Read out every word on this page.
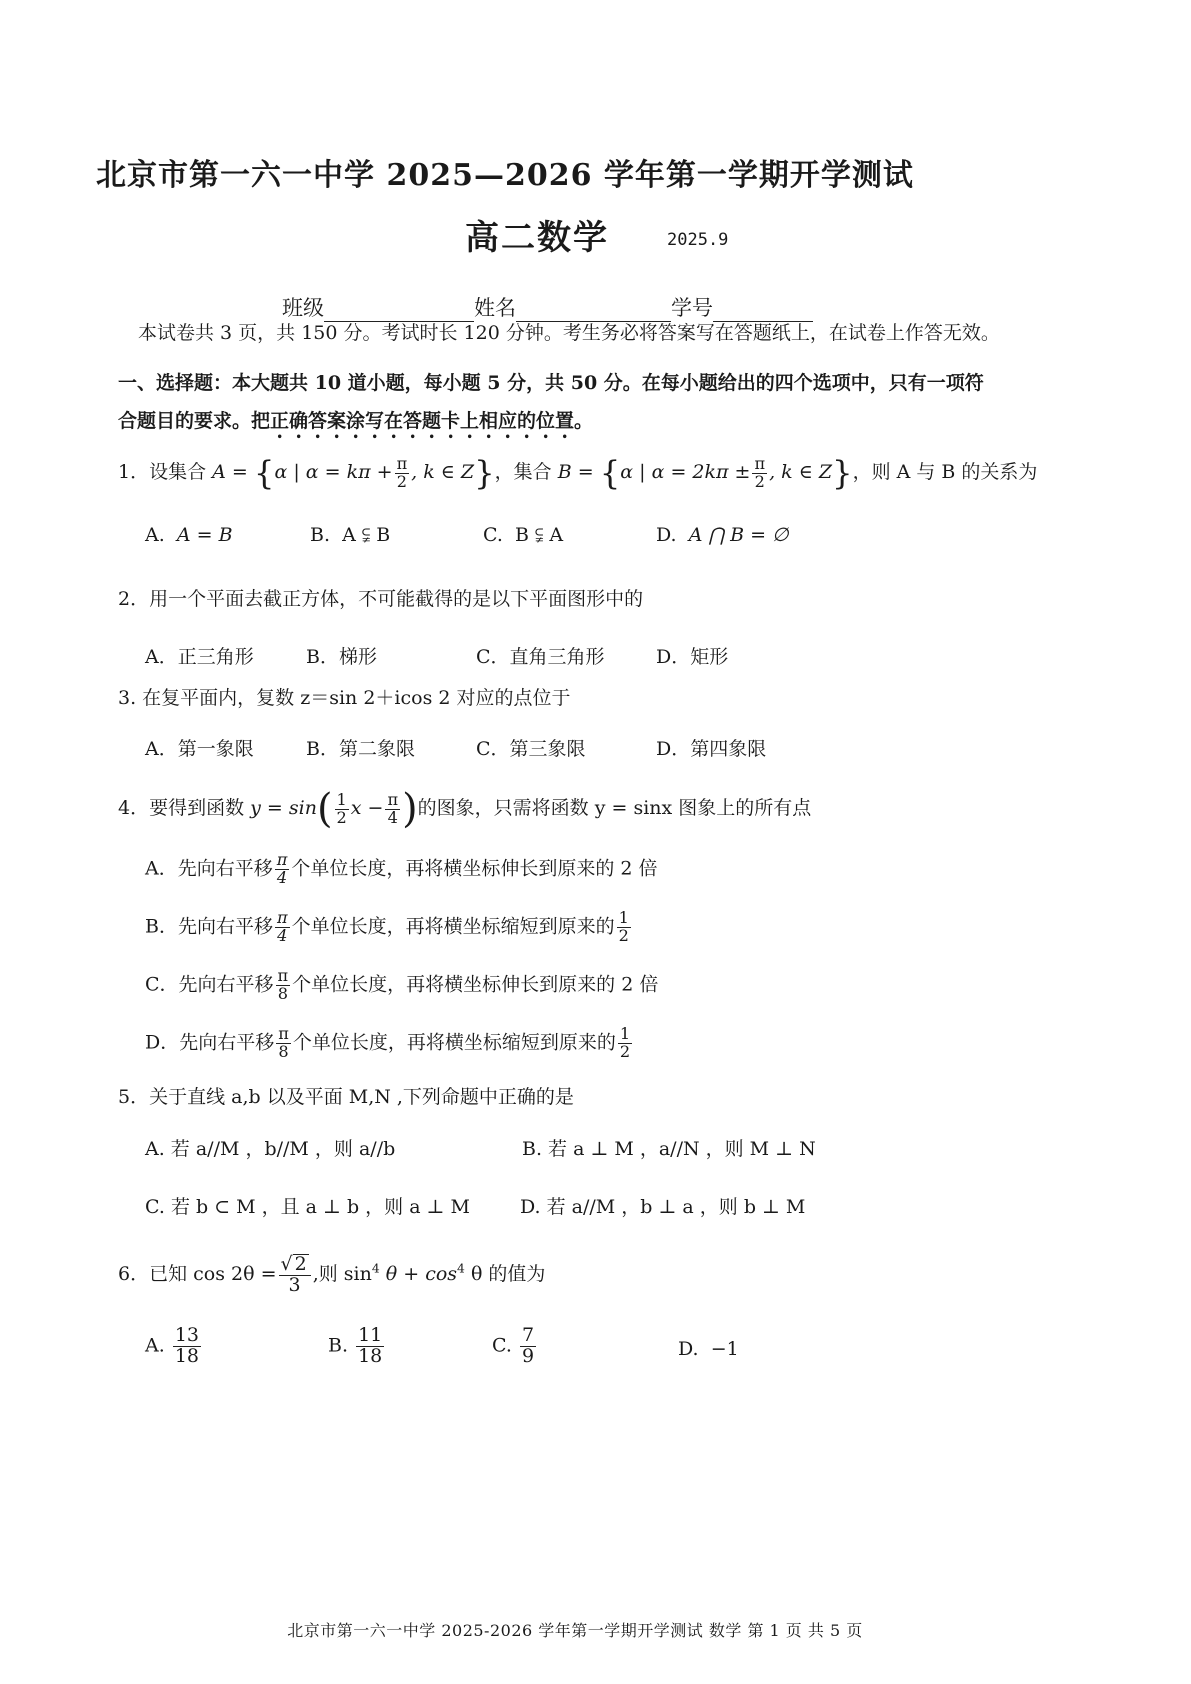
北京市第一六一中学 2025—2026 学年第一学期开学测试
高二数学	2025.9
班级	姓名	学号
本试卷共 3 页，共 150 分。考试时长 120 分钟。考生务必将答案写在答题纸上，在试卷上作答无效。
一、选择题：本大题共 10 道小题，每小题 5 分，共 50 分。在每小题给出的四个选项中，只有一项符
合题目的要求。把正确答案涂写在答题卡上相应的位置。
1．设集合 A = {α | $\alpha = k\pi + \frac{\pi}{2}$ , k ∈ Z}，集合 B = {α | $\alpha = 2k\pi \pm \frac{\pi}{2}$ , k ∈ Z}，则 A 与 B 的关系为
A. A = B	B. A ⫋ B	C. B ⫋ A	D. A ⋂ B = ∅
2．用一个平面去截正方体，不可能截得的是以下平面图形中的
A．正三角形	B．梯形	C．直角三角形	D．矩形
3. 在复平面内，复数 z＝sin 2＋icos 2 对应的点位于
A．第一象限	B．第二象限	C．第三象限	D．第四象限
4．要得到函数 $y = \sin( \frac{1}{2}$ $x - \frac{\pi}{4}$ )的图象，只需将函数 y = sinx 图象上的所有点
A．先向右平移 $\frac{\pi}{4}$ 个单位长度，再将横坐标伸长到原来的 2 倍
B．先向右平移 $\frac{\pi}{4}$ 个单位长度，再将横坐标缩短到原来的 $\frac{1}{2}$
C．先向右平移 $\frac{\pi}{8}$ 个单位长度，再将横坐标伸长到原来的 2 倍
D．先向右平移 $\frac{\pi}{8}$ 个单位长度，再将横坐标缩短到原来的 $\frac{1}{2}$
5．关于直线 a,b 以及平面 M,N ,下列命题中正确的是
A. 若 a//M ，b//M ，则 a//b	B. 若 a ⊥ M ，a//N ，则 M ⊥ N
C. 若 b ⊂ M ，且 a ⊥ b ，则 a ⊥ M	D. 若 a//M ，b ⊥ a ，则 b ⊥ M
6．已知 $\cos 2\theta = \frac{√ 2}{3}$ ,则 $\sin^4 \theta + \cos^4 \theta$ 的值为
A. $\frac{13}{18}$	B. $\frac{11}{18}$	C. $\frac{7}{9}$	D. −1
北京市第一六一中学 2025-2026 学年第一学期开学测试 数学 第 1 页 共 5 页
